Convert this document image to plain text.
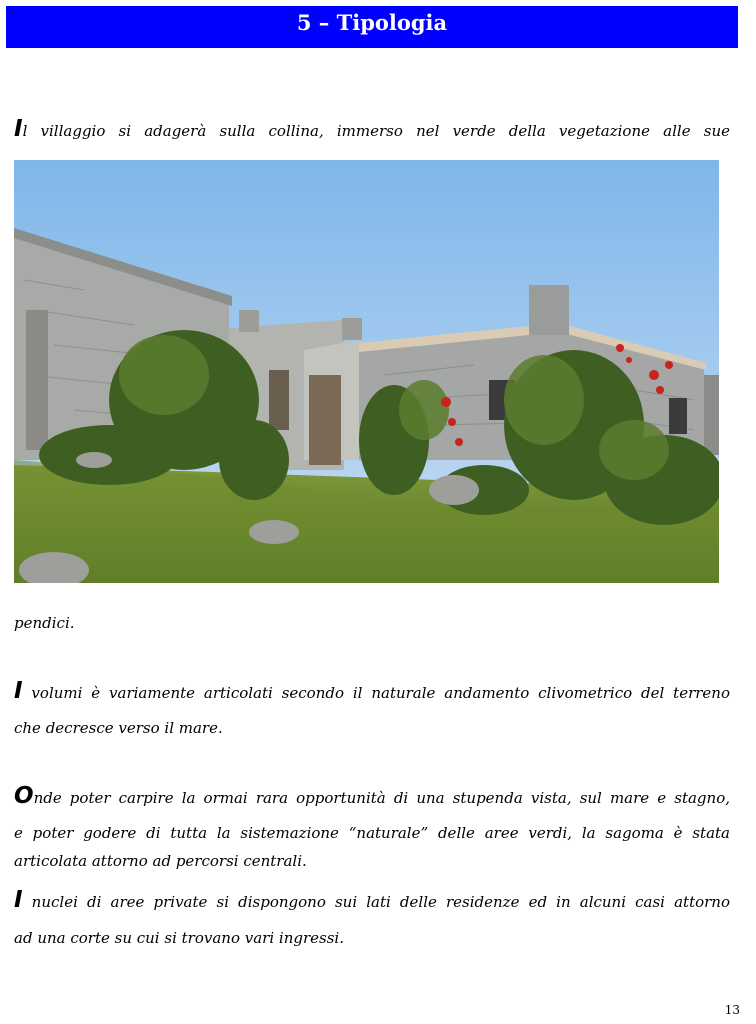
5 – Tipologia

Il villaggio si adagerà sulla collina, immerso nel verde della vegetazione alle sue

pendici.

I volumi è variamente articolati secondo il naturale andamento clivometrico del terreno

che decresce verso il mare.

Onde poter carpire la ormai rara opportunità di una stupenda vista, sul mare e stagno,

e poter godere di tutta la sistemazione “naturale” delle aree verdi, la sagoma è stata

articolata attorno ad percorsi centrali.

I nuclei di aree private si dispongono sui lati delle residenze ed in alcuni casi attorno

ad una corte su cui si trovano vari ingressi.

13
